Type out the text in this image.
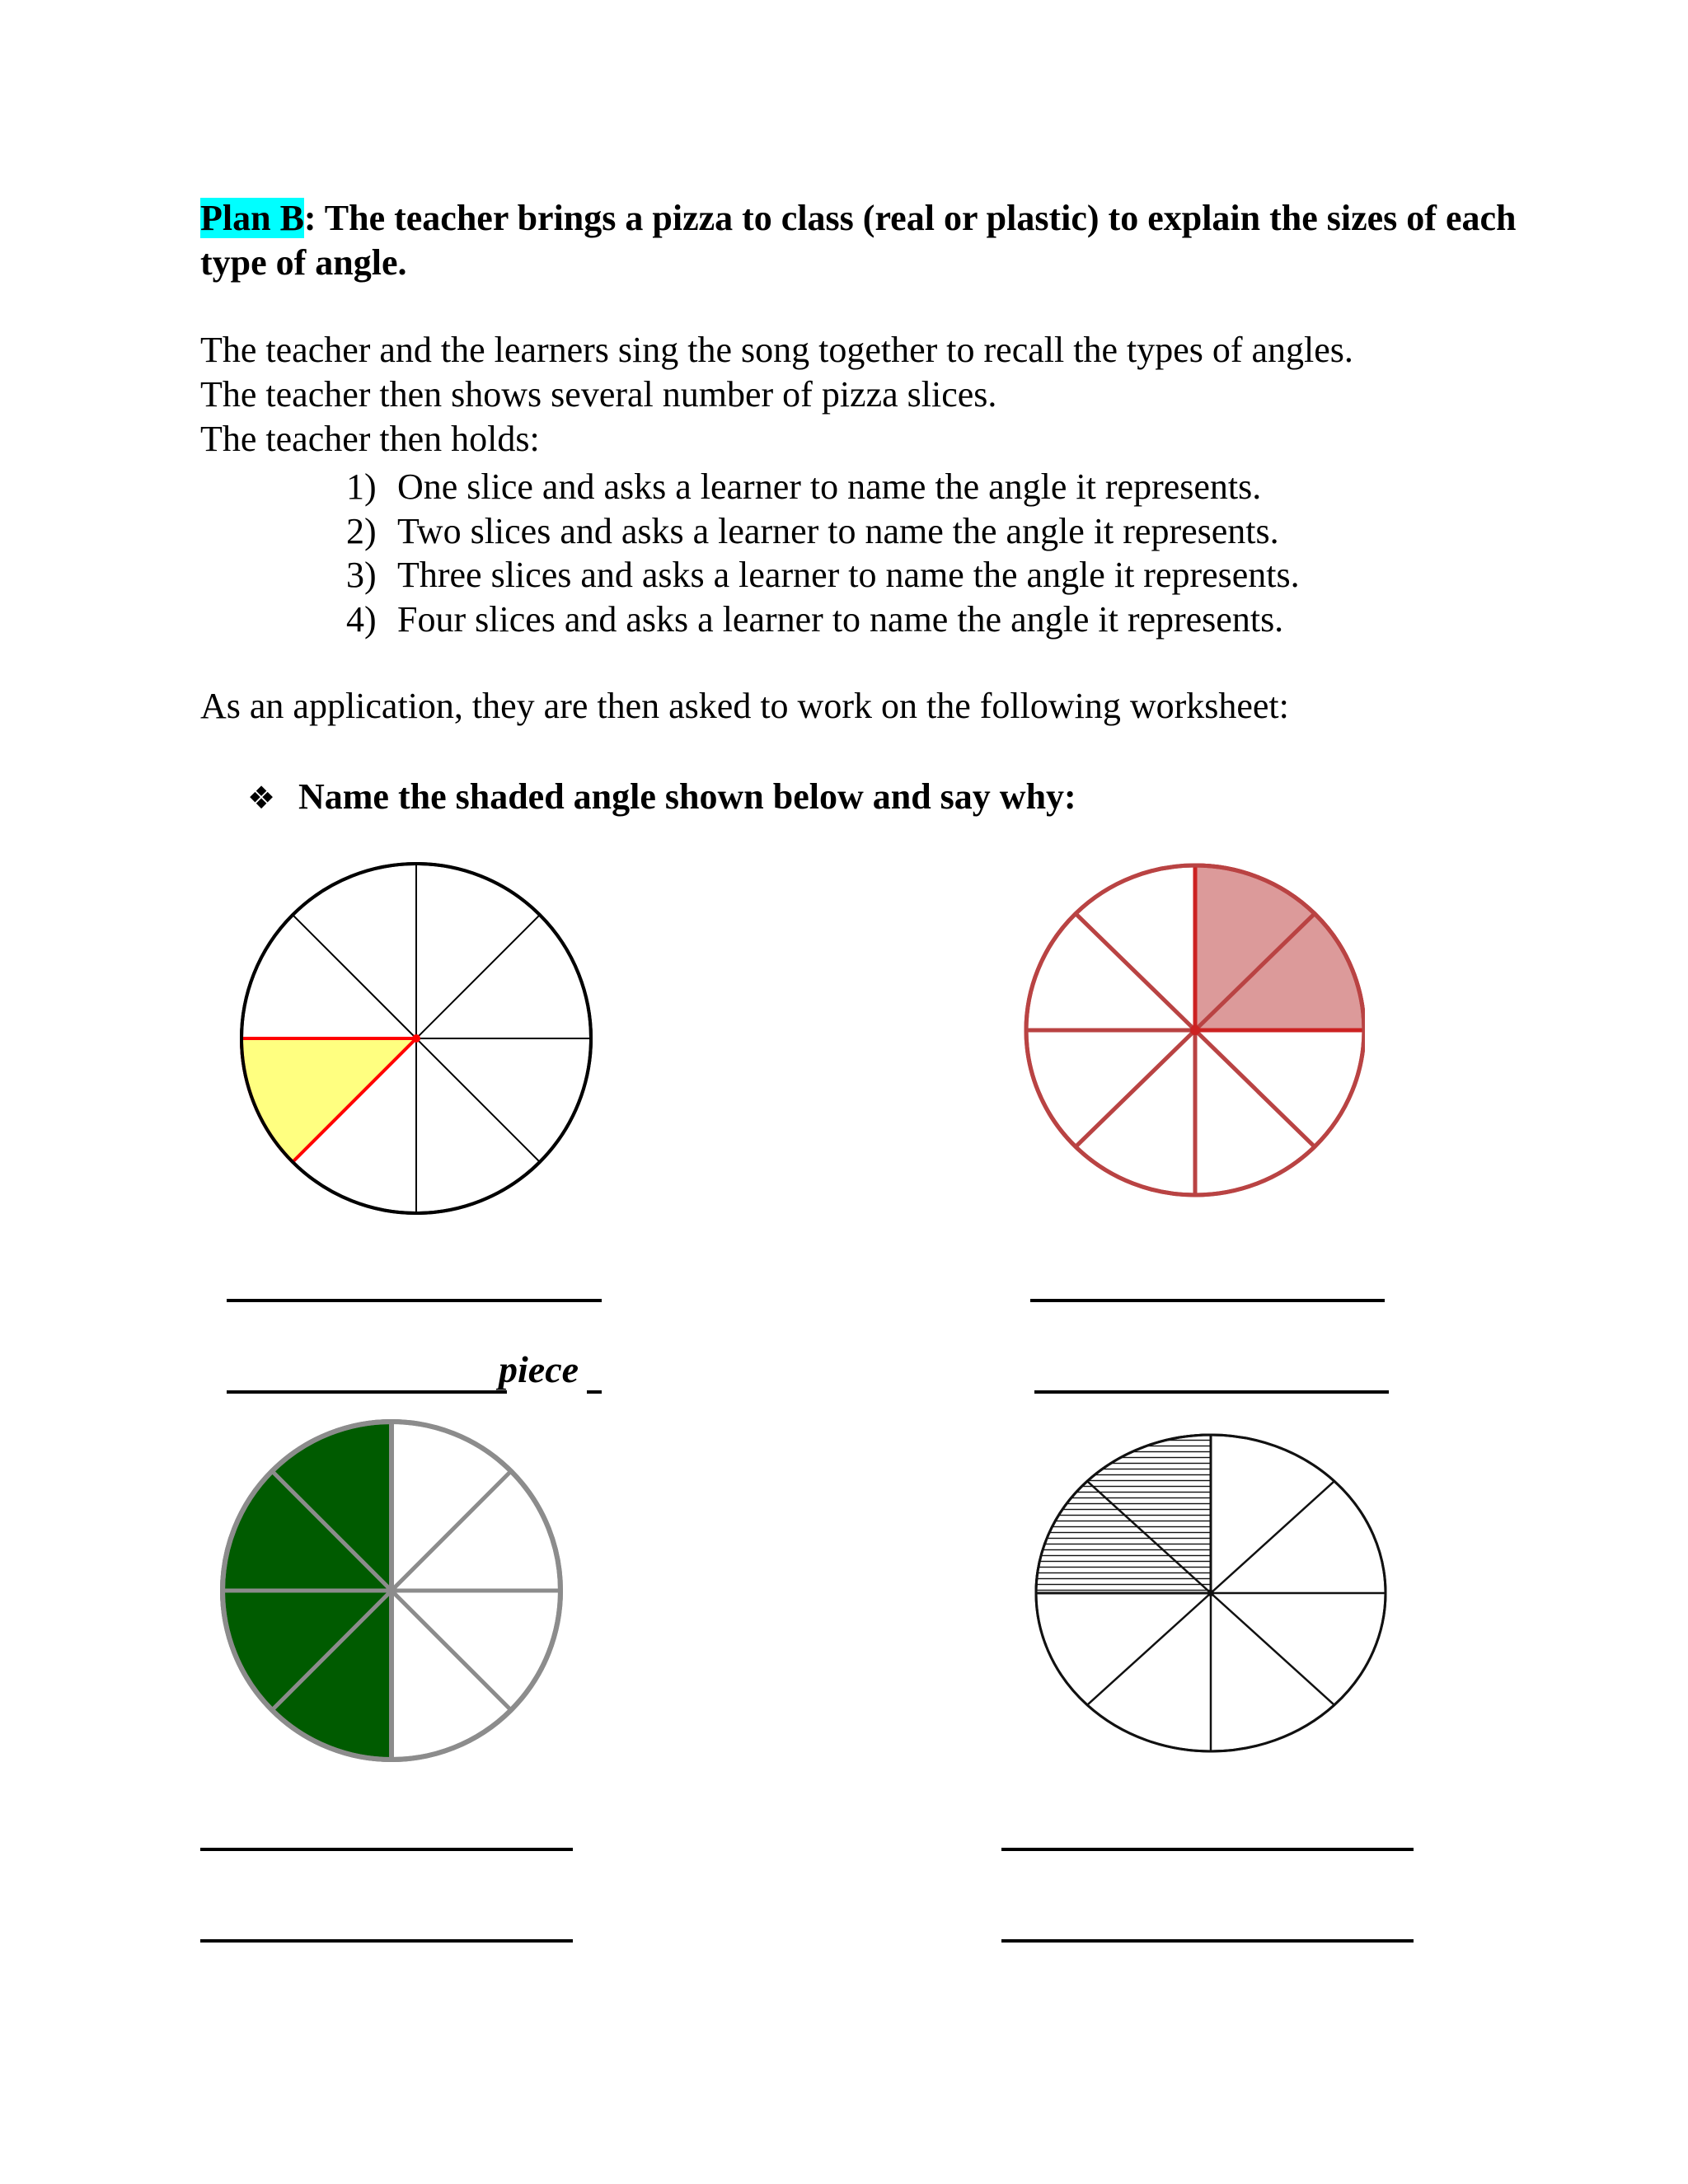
Plan B: The teacher brings a pizza to class (real or plastic) to explain the sizes of each type of angle.
The teacher and the learners sing the song together to recall the types of angles.
The teacher then shows several number of pizza slices.
The teacher then holds:
1) One slice and asks a learner to name the angle it represents.
2) Two slices and asks a learner to name the angle it represents.
3) Three slices and asks a learner to name the angle it represents.
4) Four slices and asks a learner to name the angle it represents.
As an application, they are then asked to work on the following worksheet:
❖ Name the shaded angle shown below and say why:
piece
